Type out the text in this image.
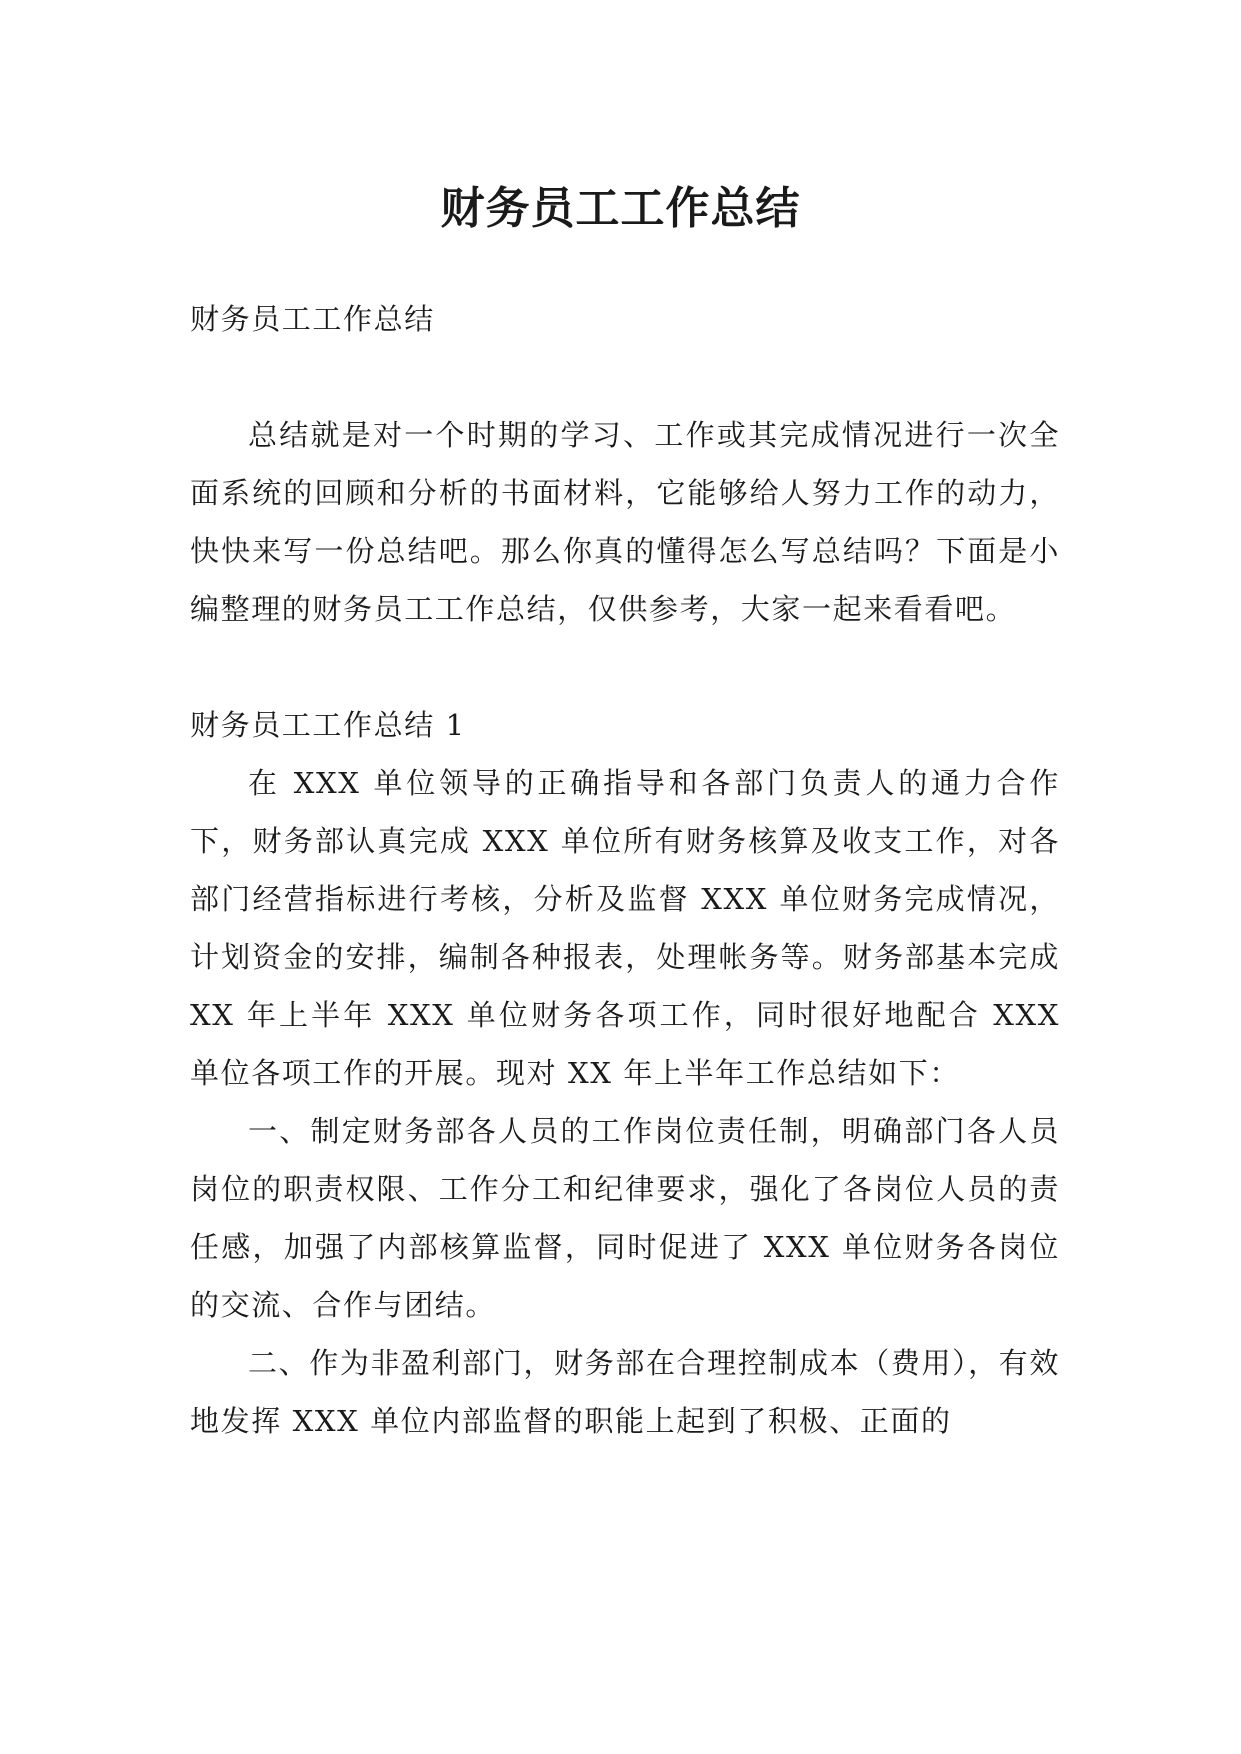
财务员工工作总结

财务员工工作总结

总结就是对一个时期的学习、工作或其完成情况进行一次全面系统的回顾和分析的书面材料，它能够给人努力工作的动力，快快来写一份总结吧。那么你真的懂得怎么写总结吗？下面是小编整理的财务员工工作总结，仅供参考，大家一起来看看吧。

财务员工工作总结 1

在 XXX 单位领导的正确指导和各部门负责人的通力合作下，财务部认真完成 XXX 单位所有财务核算及收支工作，对各部门经营指标进行考核，分析及监督 XXX 单位财务完成情况，计划资金的安排，编制各种报表，处理帐务等。财务部基本完成 XX 年上半年 XXX 单位财务各项工作，同时很好地配合 XXX 单位各项工作的开展。现对 XX 年上半年工作总结如下：

一、制定财务部各人员的工作岗位责任制，明确部门各人员岗位的职责权限、工作分工和纪律要求，强化了各岗位人员的责任感，加强了内部核算监督，同时促进了 XXX 单位财务各岗位的交流、合作与团结。

二、作为非盈利部门，财务部在合理控制成本（费用），有效地发挥 XXX 单位内部监督的职能上起到了积极、正面的
